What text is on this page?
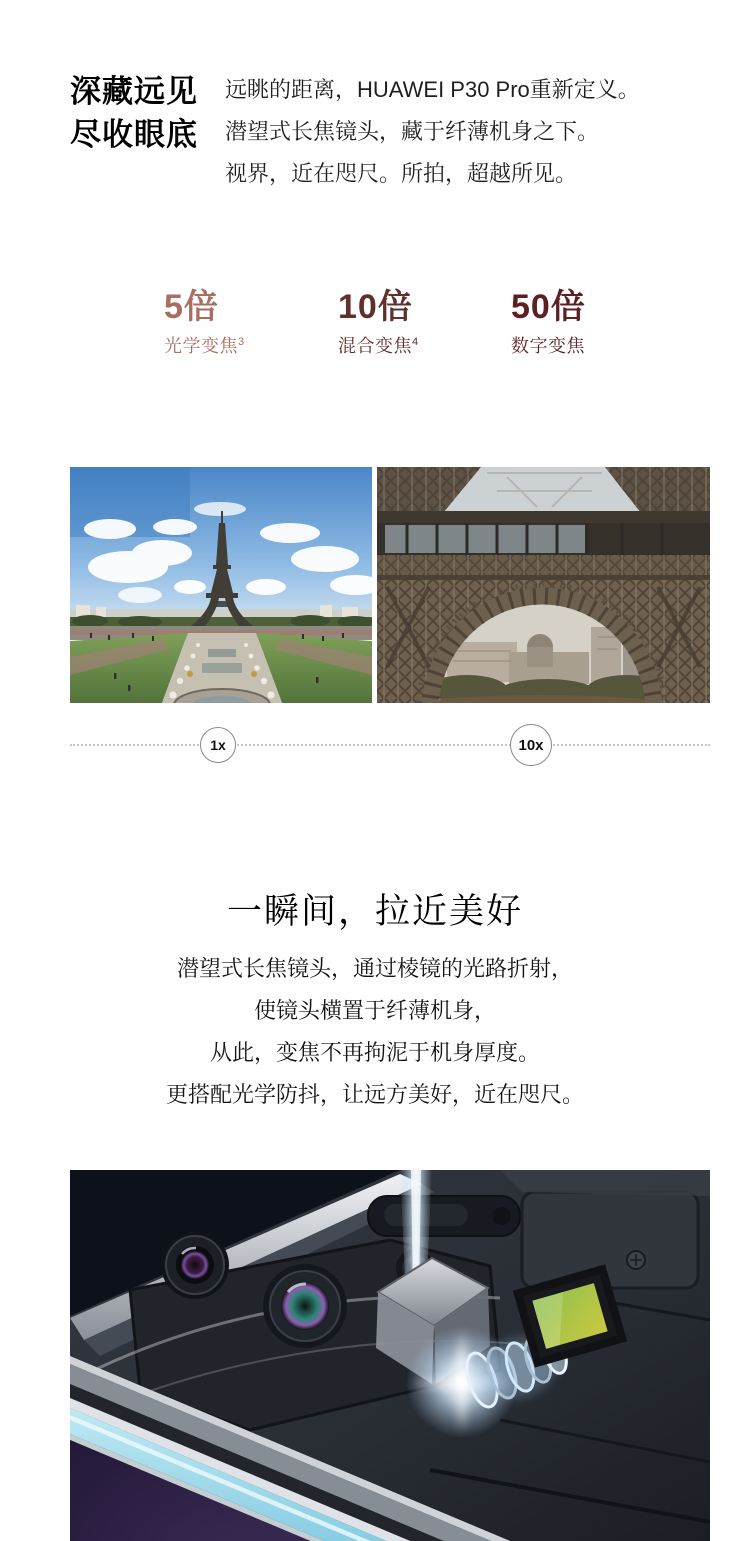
深藏远见
尽收眼底
远眺的距离，HUAWEI P30 Pro重新定义。
潜望式长焦镜头，藏于纤薄机身之下。
视界，近在咫尺。所拍，超越所见。
5倍
光学变焦$^3$
10倍
混合变焦$^4$
50倍
数字变焦
1x	10x
一瞬间，拉近美好
潜望式长焦镜头，通过棱镜的光路折射，
使镜头横置于纤薄机身，
从此，变焦不再拘泥于机身厚度。
更搭配光学防抖，让远方美好，近在咫尺。
